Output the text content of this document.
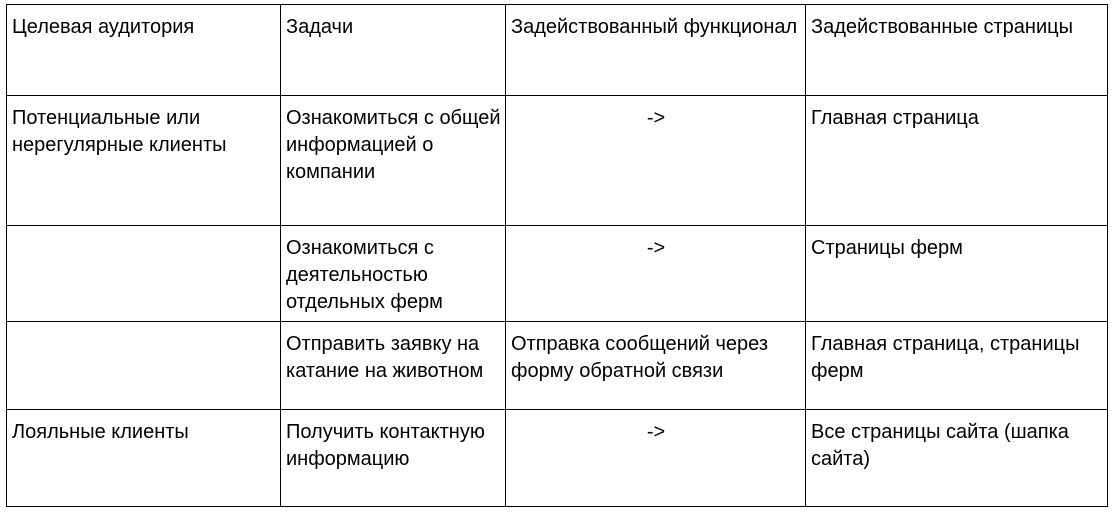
Целевая аудитория	Задачи	Задействованный функционал	Задействованные страницы
Потенциальные или нерегулярные клиенты	Ознакомиться с общей информацией о компании	->	Главная страница
	Ознакомиться с деятельностью отдельных ферм	->	Страницы ферм
	Отправить заявку на катание на животном	Отправка сообщений через форму обратной связи	Главная страница, страницы ферм
Лояльные клиенты	Получить контактную информацию	->	Все страницы сайта (шапка сайта)
